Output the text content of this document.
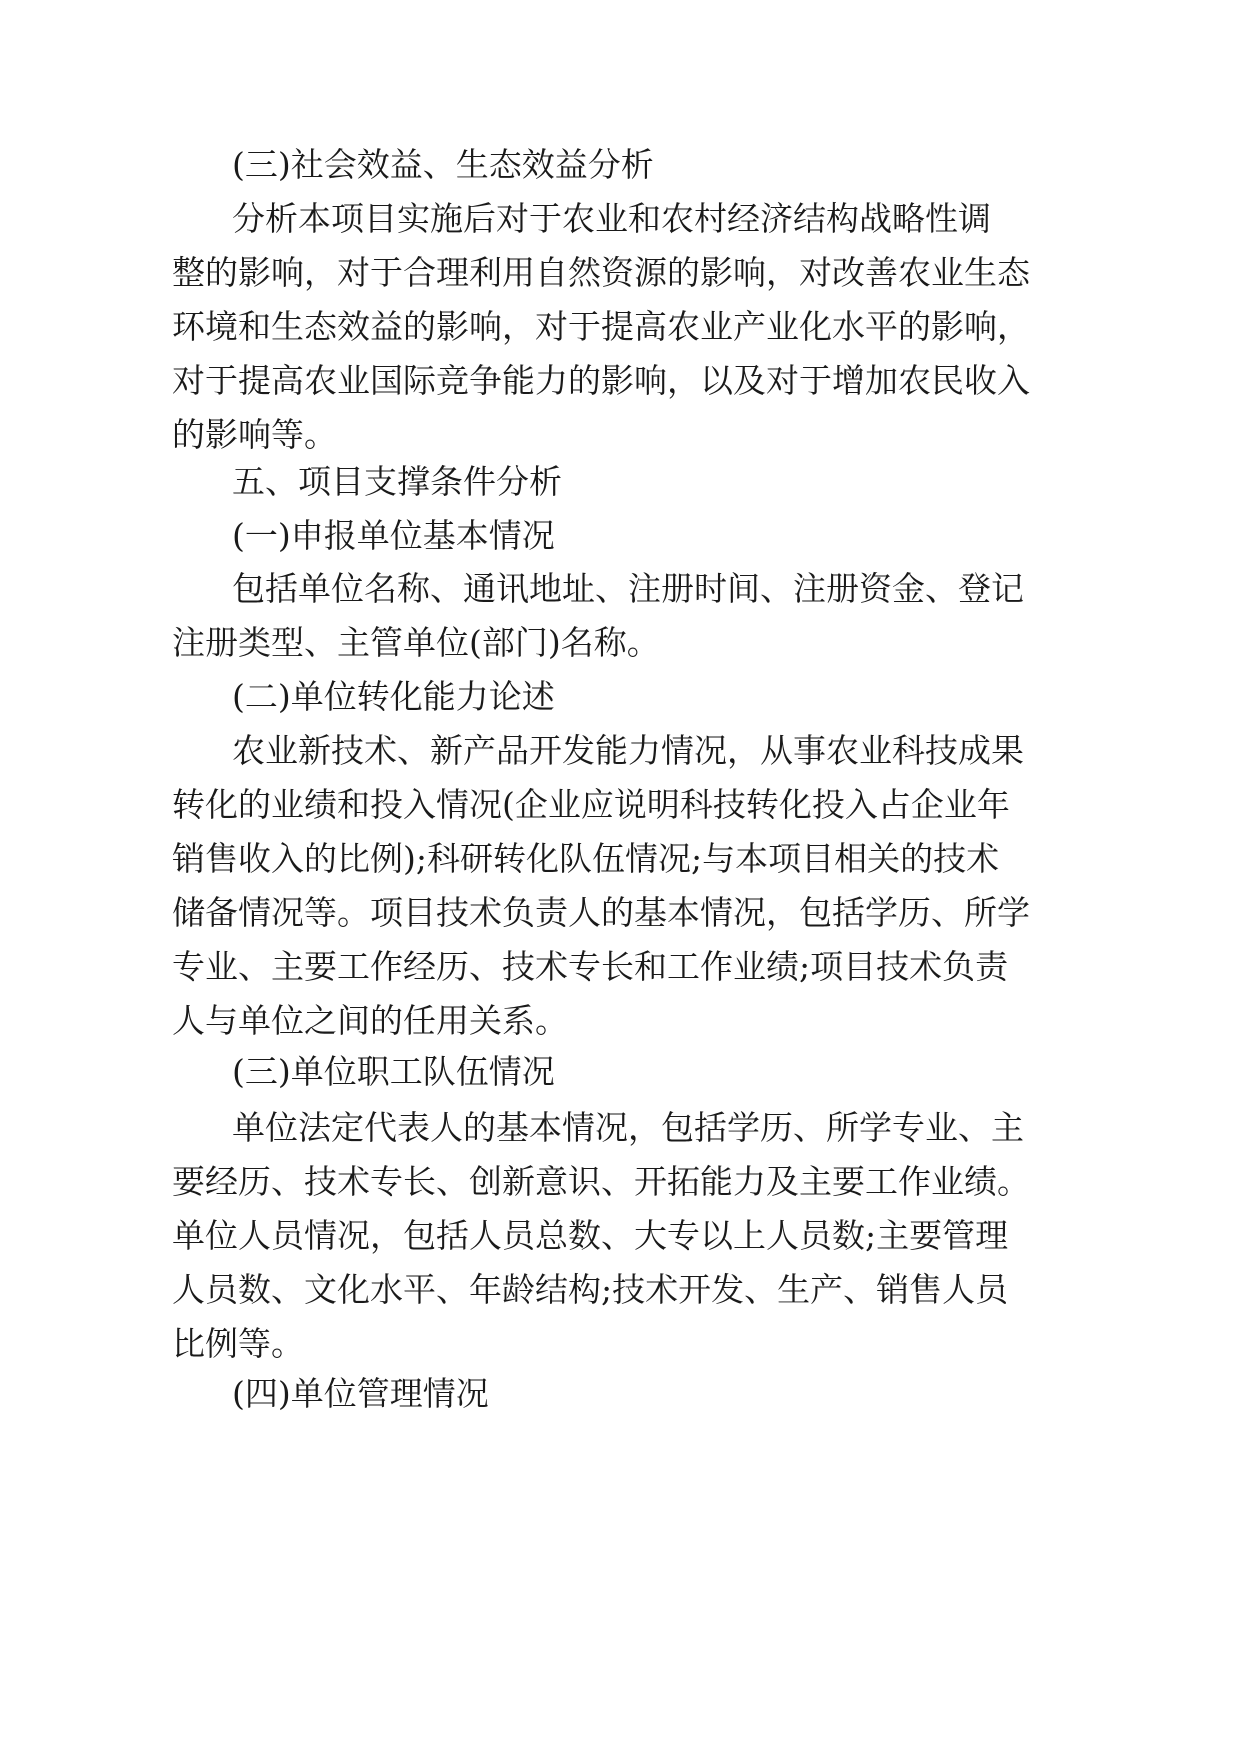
(三)社会效益、生态效益分析
分析本项目实施后对于农业和农村经济结构战略性调
整的影响，对于合理利用自然资源的影响，对改善农业生态
环境和生态效益的影响，对于提高农业产业化水平的影响，
对于提高农业国际竞争能力的影响，以及对于增加农民收入
的影响等。
五、项目支撑条件分析
(一)申报单位基本情况
包括单位名称、通讯地址、注册时间、注册资金、登记
注册类型、主管单位(部门)名称。
(二)单位转化能力论述
农业新技术、新产品开发能力情况，从事农业科技成果
转化的业绩和投入情况(企业应说明科技转化投入占企业年
销售收入的比例);科研转化队伍情况;与本项目相关的技术
储备情况等。项目技术负责人的基本情况，包括学历、所学
专业、主要工作经历、技术专长和工作业绩;项目技术负责
人与单位之间的任用关系。
(三)单位职工队伍情况
单位法定代表人的基本情况，包括学历、所学专业、主
要经历、技术专长、创新意识、开拓能力及主要工作业绩。
单位人员情况，包括人员总数、大专以上人员数;主要管理
人员数、文化水平、年龄结构;技术开发、生产、销售人员
比例等。
(四)单位管理情况
